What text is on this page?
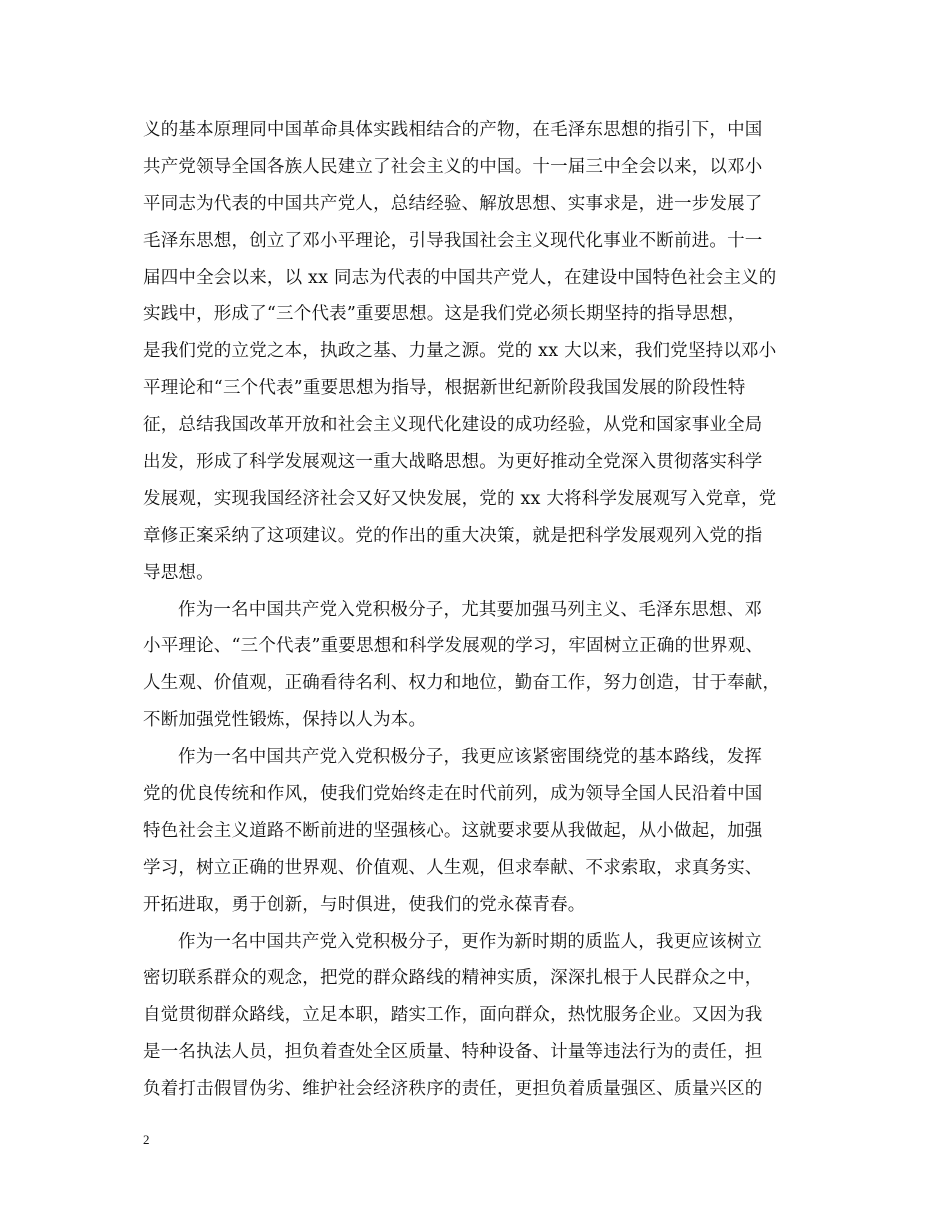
义的基本原理同中国革命具体实践相结合的产物，在毛泽东思想的指引下，中国
共产党领导全国各族人民建立了社会主义的中国。十一届三中全会以来，以邓小
平同志为代表的中国共产党人，总结经验、解放思想、实事求是，进一步发展了
毛泽东思想，创立了邓小平理论，引导我国社会主义现代化事业不断前进。十一
届四中全会以来，以 xx 同志为代表的中国共产党人，在建设中国特色社会主义的
实践中，形成了“三个代表”重要思想。这是我们党必须长期坚持的指导思想，
是我们党的立党之本，执政之基、力量之源。党的 xx 大以来，我们党坚持以邓小
平理论和“三个代表”重要思想为指导，根据新世纪新阶段我国发展的阶段性特
征，总结我国改革开放和社会主义现代化建设的成功经验，从党和国家事业全局
出发，形成了科学发展观这一重大战略思想。为更好推动全党深入贯彻落实科学
发展观，实现我国经济社会又好又快发展，党的 xx 大将科学发展观写入党章，党
章修正案采纳了这项建议。党的作出的重大决策，就是把科学发展观列入党的指
导思想。
作为一名中国共产党入党积极分子，尤其要加强马列主义、毛泽东思想、邓
小平理论、“三个代表”重要思想和科学发展观的学习，牢固树立正确的世界观、
人生观、价值观，正确看待名利、权力和地位，勤奋工作，努力创造，甘于奉献，
不断加强党性锻炼，保持以人为本。
作为一名中国共产党入党积极分子，我更应该紧密围绕党的基本路线，发挥
党的优良传统和作风，使我们党始终走在时代前列，成为领导全国人民沿着中国
特色社会主义道路不断前进的坚强核心。这就要求要从我做起，从小做起，加强
学习，树立正确的世界观、价值观、人生观，但求奉献、不求索取，求真务实、
开拓进取，勇于创新，与时俱进，使我们的党永葆青春。
作为一名中国共产党入党积极分子，更作为新时期的质监人，我更应该树立
密切联系群众的观念，把党的群众路线的精神实质，深深扎根于人民群众之中，
自觉贯彻群众路线，立足本职，踏实工作，面向群众，热忱服务企业。又因为我
是一名执法人员，担负着查处全区质量、特种设备、计量等违法行为的责任，担
负着打击假冒伪劣、维护社会经济秩序的责任，更担负着质量强区、质量兴区的
2
